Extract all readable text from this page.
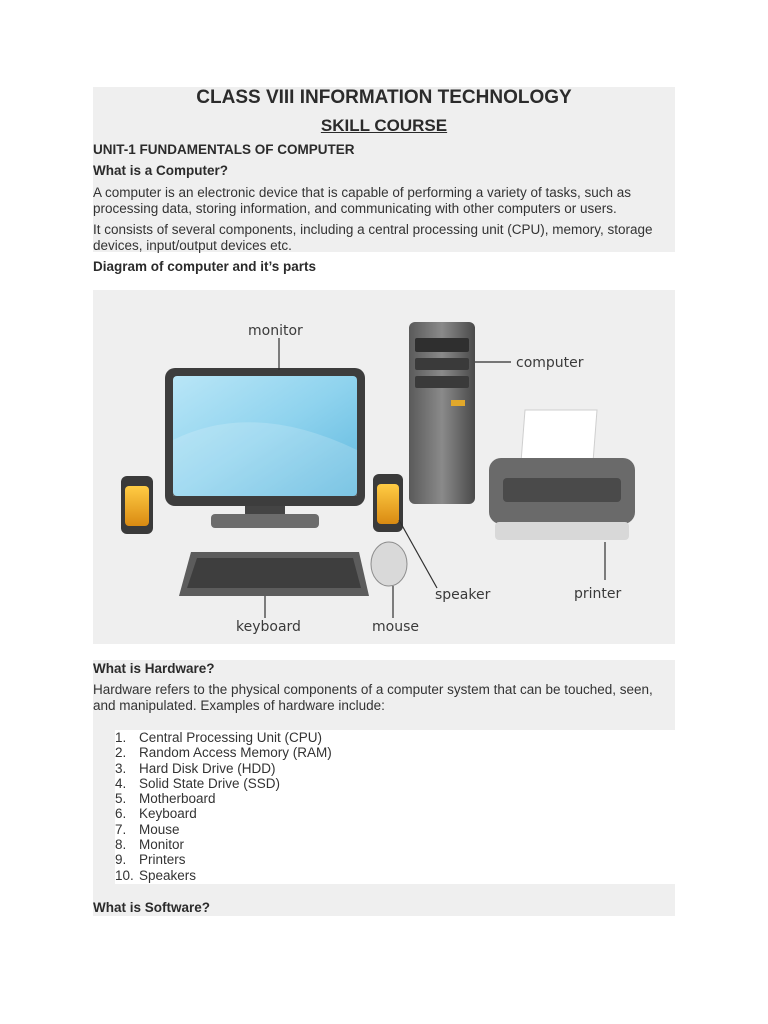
CLASS VIII INFORMATION TECHNOLOGY
SKILL COURSE
UNIT-1 FUNDAMENTALS OF COMPUTER
What is a Computer?

A computer is an electronic device that is capable of performing a variety of tasks, such as processing data, storing information, and communicating with other computers or users.

It consists of several components, including a central processing unit (CPU), memory, storage devices, input/output devices etc.

Diagram of computer and it’s parts
monitor
computer
keyboard	mouse
speaker	printer
What is Hardware?

Hardware refers to the physical components of a computer system that can be touched, seen, and manipulated. Examples of hardware include:

1. Central Processing Unit (CPU)
2. Random Access Memory (RAM)
3. Hard Disk Drive (HDD)
4. Solid State Drive (SSD)
5. Motherboard
6. Keyboard
7. Mouse
8. Monitor
9. Printers
10. Speakers
What is Software?
